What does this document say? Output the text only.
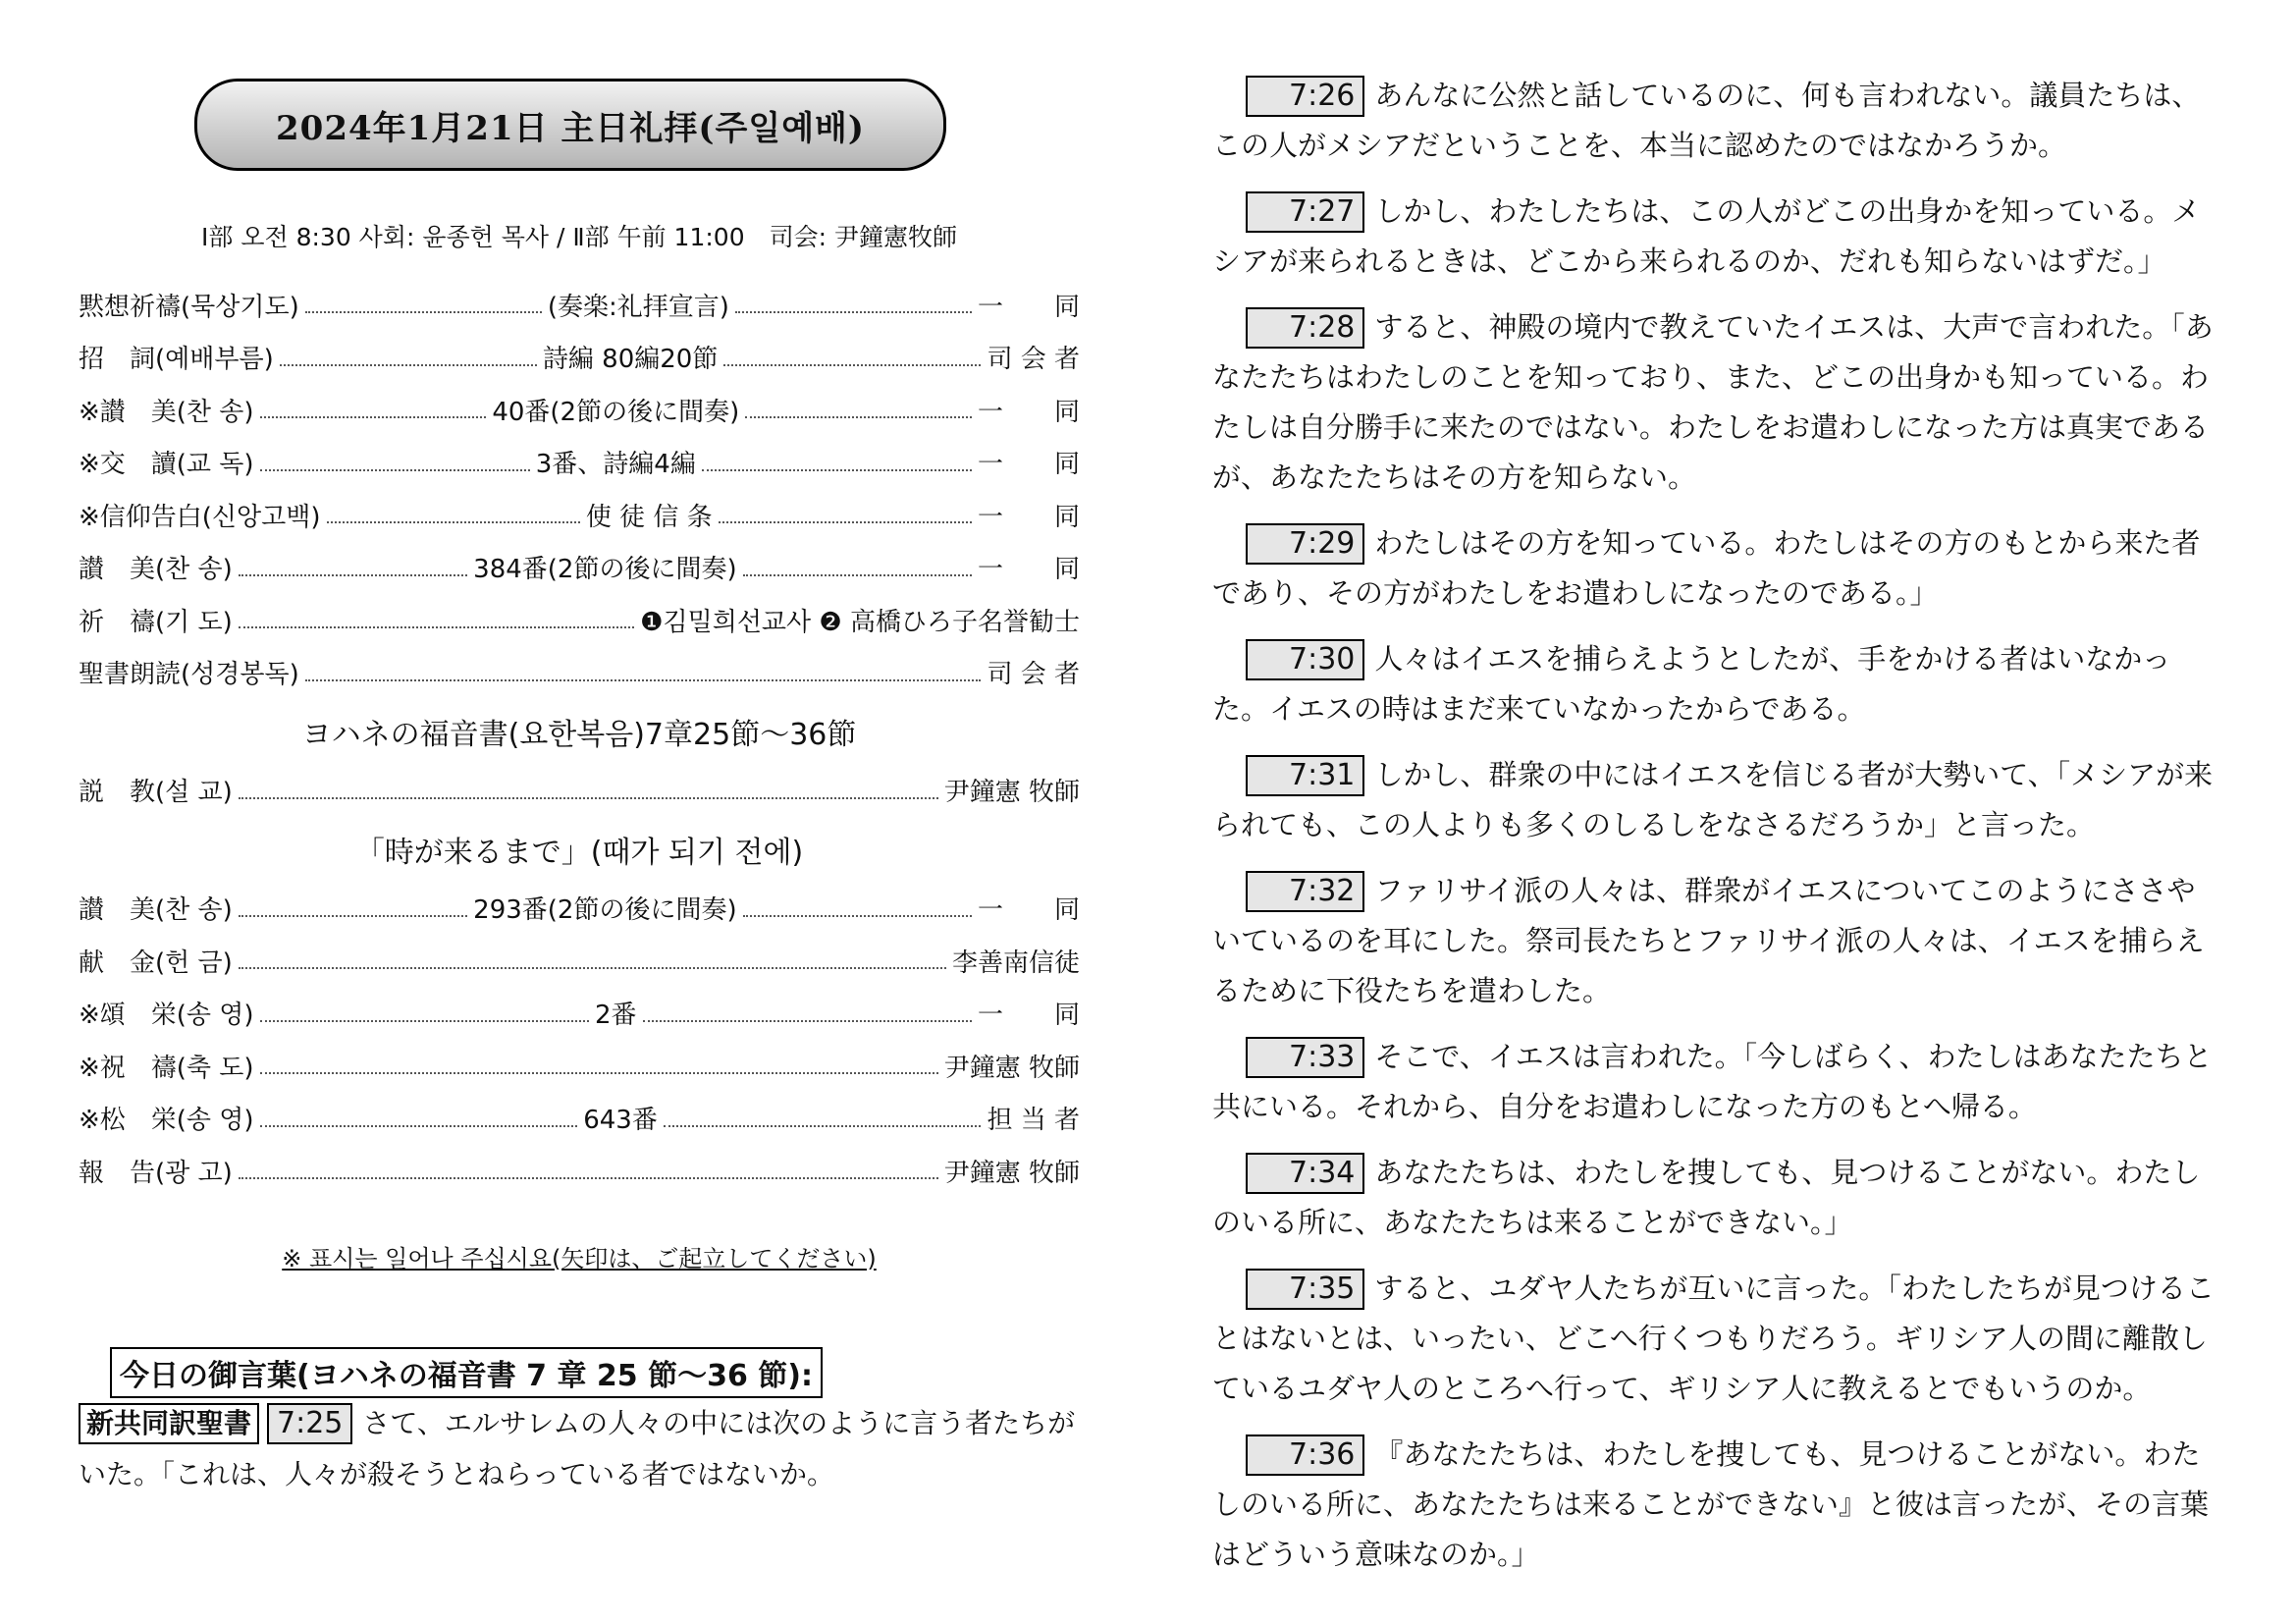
2024年1月21日 主日礼拝(주일예배)
Ⅰ部 오전 8:30 사회: 윤종헌 목사 / Ⅱ部 午前 11:00　司会: 尹鐘憲牧師
黙想祈禱(묵상기도)	(奏楽:礼拝宣言)	一　　同
招　詞(예배부름)	詩編 80編20節	司 会 者
※讃　美(찬 송)	40番(2節の後に間奏)	一　　同
※交　讀(교 독)	3番、詩編4編	一　　同
※信仰告白(신앙고백)	使 徒 信 条	一　　同
讃　美(찬 송)	384番(2節の後に間奏)	一　　同
祈　禱(기 도)	❶김밀희선교사 ❷ 高橋ひろ子名誉勧士
聖書朗読(성경봉독)	司 会 者
ヨハネの福音書(요한복음)7章25節～36節
説　教(설 교)	尹鐘憲 牧師
「時が来るまで」(때가 되기 전에)
讃　美(찬 송)	293番(2節の後に間奏)	一　　同
献　金(헌 금)	李善南信徒
※頌　栄(송 영)	2番	一　　同
※祝　禱(축 도)	尹鐘憲 牧師
※松　栄(송 영)	643番	担 当 者
報　告(광 고)	尹鐘憲 牧師
※ 표시는 일어나 주십시요(矢印は、ご起立してください)
今日の御言葉(ヨハネの福音書 7 章 25 節～36 節):
新共同訳聖書 7:25 さて、エルサレムの人々の中には次のように言う者たちがいた。「これは、人々が殺そうとねらっている者ではないか。
7:26 あんなに公然と話しているのに、何も言われない。議員たちは、この人がメシアだということを、本当に認めたのではなかろうか。
7:27 しかし、わたしたちは、この人がどこの出身かを知っている。メシアが来られるときは、どこから来られるのか、だれも知らないはずだ。」
7:28 すると、神殿の境内で教えていたイエスは、大声で言われた。「あなたたちはわたしのことを知っており、また、どこの出身かも知っている。わたしは自分勝手に来たのではない。わたしをお遣わしになった方は真実であるが、あなたたちはその方を知らない。
7:29 わたしはその方を知っている。わたしはその方のもとから来た者であり、その方がわたしをお遣わしになったのである。」
7:30 人々はイエスを捕らえようとしたが、手をかける者はいなかった。イエスの時はまだ来ていなかったからである。
7:31 しかし、群衆の中にはイエスを信じる者が大勢いて、「メシアが来られても、この人よりも多くのしるしをなさるだろうか」と言った。
7:32 ファリサイ派の人々は、群衆がイエスについてこのようにささやいているのを耳にした。祭司長たちとファリサイ派の人々は、イエスを捕らえるために下役たちを遣わした。
7:33 そこで、イエスは言われた。「今しばらく、わたしはあなたたちと共にいる。それから、自分をお遣わしになった方のもとへ帰る。
7:34 あなたたちは、わたしを捜しても、見つけることがない。わたしのいる所に、あなたたちは来ることができない。」
7:35 すると、ユダヤ人たちが互いに言った。「わたしたちが見つけることはないとは、いったい、どこへ行くつもりだろう。ギリシア人の間に離散しているユダヤ人のところへ行って、ギリシア人に教えるとでもいうのか。
7:36 『あなたたちは、わたしを捜しても、見つけることがない。わたしのいる所に、あなたたちは来ることができない』と彼は言ったが、その言葉はどういう意味なのか。」
